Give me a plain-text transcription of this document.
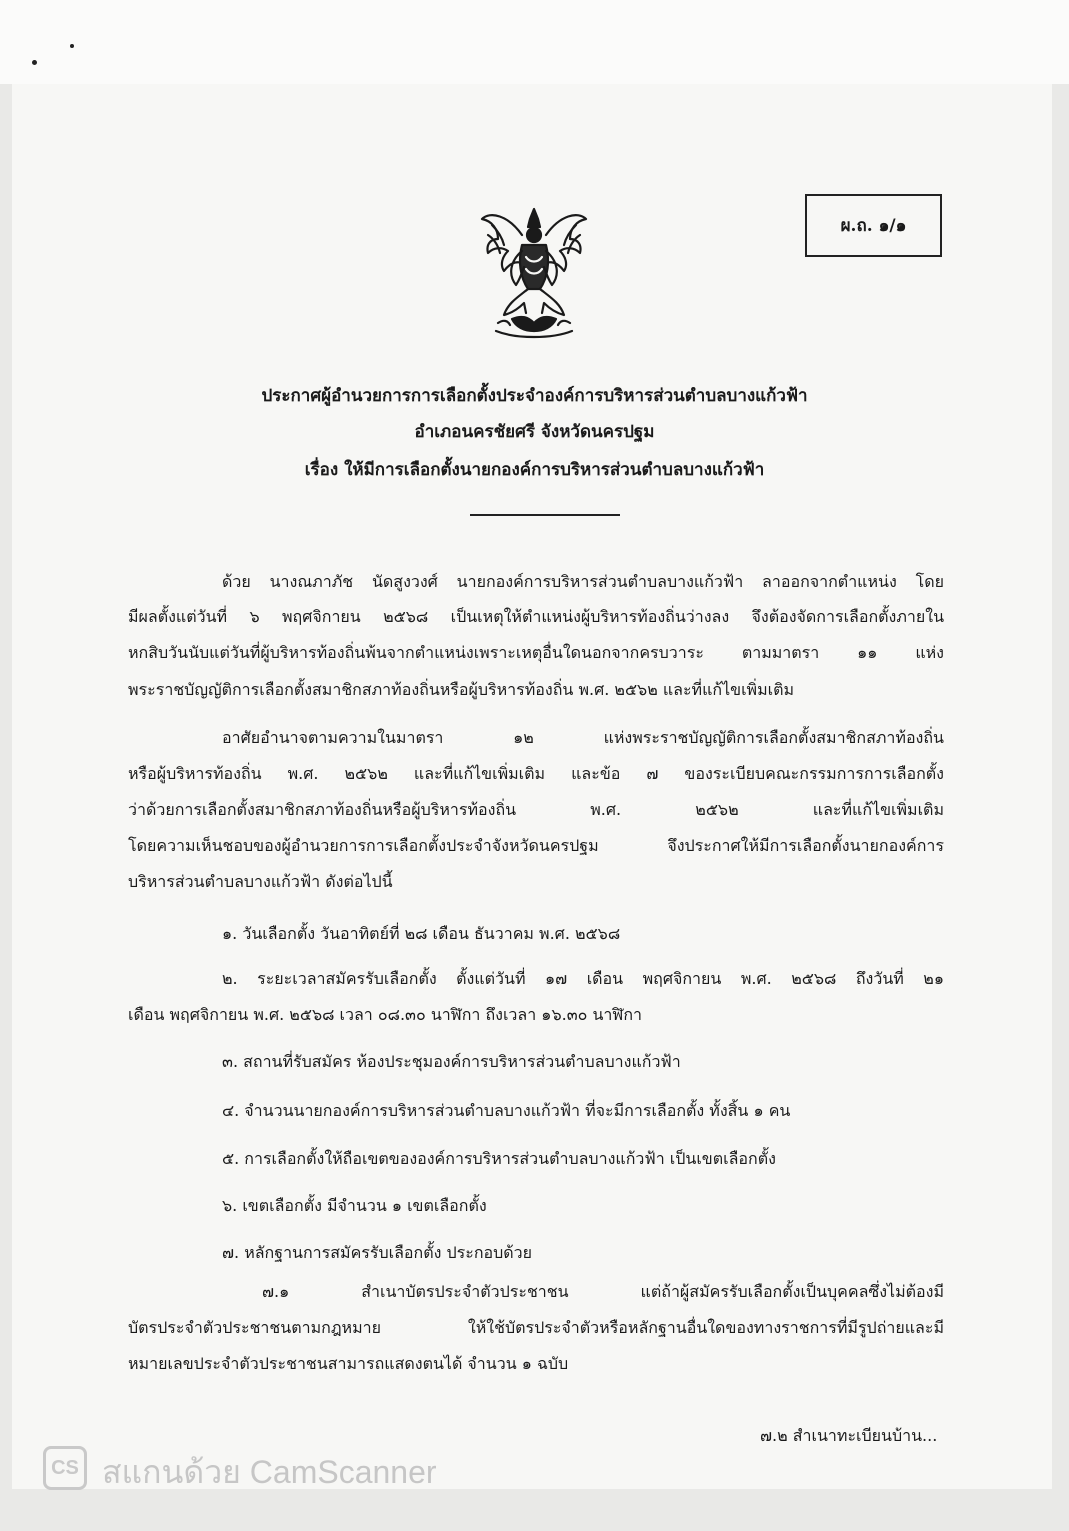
ผ.ถ. ๑/๑
ประกาศผู้อำนวยการการเลือกตั้งประจำองค์การบริหารส่วนตำบลบางแก้วฟ้า
อำเภอนครชัยศรี จังหวัดนครปฐม
เรื่อง ให้มีการเลือกตั้งนายกองค์การบริหารส่วนตำบลบางแก้วฟ้า
ด้วย นางณภาภัช นัดสูงวงศ์ นายกองค์การบริหารส่วนตำบลบางแก้วฟ้า ลาออกจากตำแหน่ง โดย
มีผลตั้งแต่วันที่ ๖ พฤศจิกายน ๒๕๖๘ เป็นเหตุให้ตำแหน่งผู้บริหารท้องถิ่นว่างลง จึงต้องจัดการเลือกตั้งภายใน
หกสิบวันนับแต่วันที่ผู้บริหารท้องถิ่นพ้นจากตำแหน่งเพราะเหตุอื่นใดนอกจากครบวาระ ตามมาตรา ๑๑ แห่ง
พระราชบัญญัติการเลือกตั้งสมาชิกสภาท้องถิ่นหรือผู้บริหารท้องถิ่น พ.ศ. ๒๕๖๒ และที่แก้ไขเพิ่มเติม
อาศัยอำนาจตามความในมาตรา ๑๒ แห่งพระราชบัญญัติการเลือกตั้งสมาชิกสภาท้องถิ่น
หรือผู้บริหารท้องถิ่น พ.ศ. ๒๕๖๒ และที่แก้ไขเพิ่มเติม และข้อ ๗ ของระเบียบคณะกรรมการการเลือกตั้ง
ว่าด้วยการเลือกตั้งสมาชิกสภาท้องถิ่นหรือผู้บริหารท้องถิ่น พ.ศ. ๒๕๖๒ และที่แก้ไขเพิ่มเติม
โดยความเห็นชอบของผู้อำนวยการการเลือกตั้งประจำจังหวัดนครปฐม จึงประกาศให้มีการเลือกตั้งนายกองค์การ
บริหารส่วนตำบลบางแก้วฟ้า ดังต่อไปนี้
๑. วันเลือกตั้ง วันอาทิตย์ที่ ๒๘ เดือน ธันวาคม พ.ศ. ๒๕๖๘
๒. ระยะเวลาสมัครรับเลือกตั้ง ตั้งแต่วันที่ ๑๗ เดือน พฤศจิกายน พ.ศ. ๒๕๖๘ ถึงวันที่ ๒๑
เดือน พฤศจิกายน พ.ศ. ๒๕๖๘ เวลา ๐๘.๓๐ นาฬิกา ถึงเวลา ๑๖.๓๐ นาฬิกา
๓. สถานที่รับสมัคร ห้องประชุมองค์การบริหารส่วนตำบลบางแก้วฟ้า
๔. จำนวนนายกองค์การบริหารส่วนตำบลบางแก้วฟ้า ที่จะมีการเลือกตั้ง ทั้งสิ้น ๑ คน
๕. การเลือกตั้งให้ถือเขตขององค์การบริหารส่วนตำบลบางแก้วฟ้า เป็นเขตเลือกตั้ง
๖. เขตเลือกตั้ง มีจำนวน ๑ เขตเลือกตั้ง
๗. หลักฐานการสมัครรับเลือกตั้ง ประกอบด้วย
๗.๑ สำเนาบัตรประจำตัวประชาชน แต่ถ้าผู้สมัครรับเลือกตั้งเป็นบุคคลซึ่งไม่ต้องมี
บัตรประจำตัวประชาชนตามกฎหมาย ให้ใช้บัตรประจำตัวหรือหลักฐานอื่นใดของทางราชการที่มีรูปถ่ายและมี
หมายเลขประจำตัวประชาชนสามารถแสดงตนได้ จำนวน ๑ ฉบับ
๗.๒ สำเนาทะเบียนบ้าน...
CS สแกนด้วย CamScanner
